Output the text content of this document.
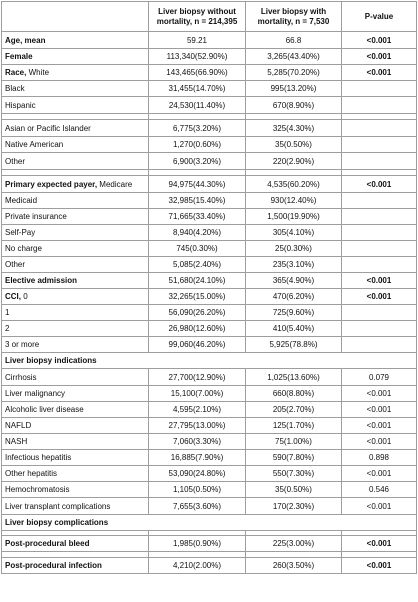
	Liver biopsy without mortality, n = 214,395	Liver biopsy with mortality, n = 7,530	P-value
Age, mean	59.21	66.8	<0.001
Female	113,340(52.90%)	3,265(43.40%)	<0.001
Race, White	143,465(66.90%)	5,285(70.20%)	<0.001
Black	31,455(14.70%)	995(13.20%)	
Hispanic	24,530(11.40%)	670(8.90%)	

Asian or Pacific Islander	6,775(3.20%)	325(4.30%)	
Native American	1,270(0.60%)	35(0.50%)	
Other	6,900(3.20%)	220(2.90%)	

Primary expected payer, Medicare	94,975(44.30%)	4,535(60.20%)	<0.001
Medicaid	32,985(15.40%)	930(12.40%)	
Private insurance	71,665(33.40%)	1,500(19.90%)	
Self-Pay	8,940(4.20%)	305(4.10%)	
No charge	745(0.30%)	25(0.30%)	
Other	5,085(2.40%)	235(3.10%)	
Elective admission	51,680(24.10%)	365(4.90%)	<0.001
CCI, 0	32,265(15.00%)	470(6.20%)	<0.001
1	56,090(26.20%)	725(9.60%)	
2	26,980(12.60%)	410(5.40%)	
3 or more	99,060(46.20%)	5,925(78.8%)	
Liver biopsy indications			
Cirrhosis	27,700(12.90%)	1,025(13.60%)	0.079
Liver malignancy	15,100(7.00%)	660(8.80%)	<0.001
Alcoholic liver disease	4,595(2.10%)	205(2.70%)	<0.001
NAFLD	27,795(13.00%)	125(1.70%)	<0.001
NASH	7,060(3.30%)	75(1.00%)	<0.001
Infectious hepatitis	16,885(7.90%)	590(7.80%)	0.898
Other hepatitis	53,090(24.80%)	550(7.30%)	<0.001
Hemochromatosis	1,105(0.50%)	35(0.50%)	0.546
Liver transplant complications	7,655(3.60%)	170(2.30%)	<0.001
Liver biopsy complications			

Post-procedural bleed	1,985(0.90%)	225(3.00%)	<0.001

Post-procedural infection	4,210(2.00%)	260(3.50%)	<0.001
